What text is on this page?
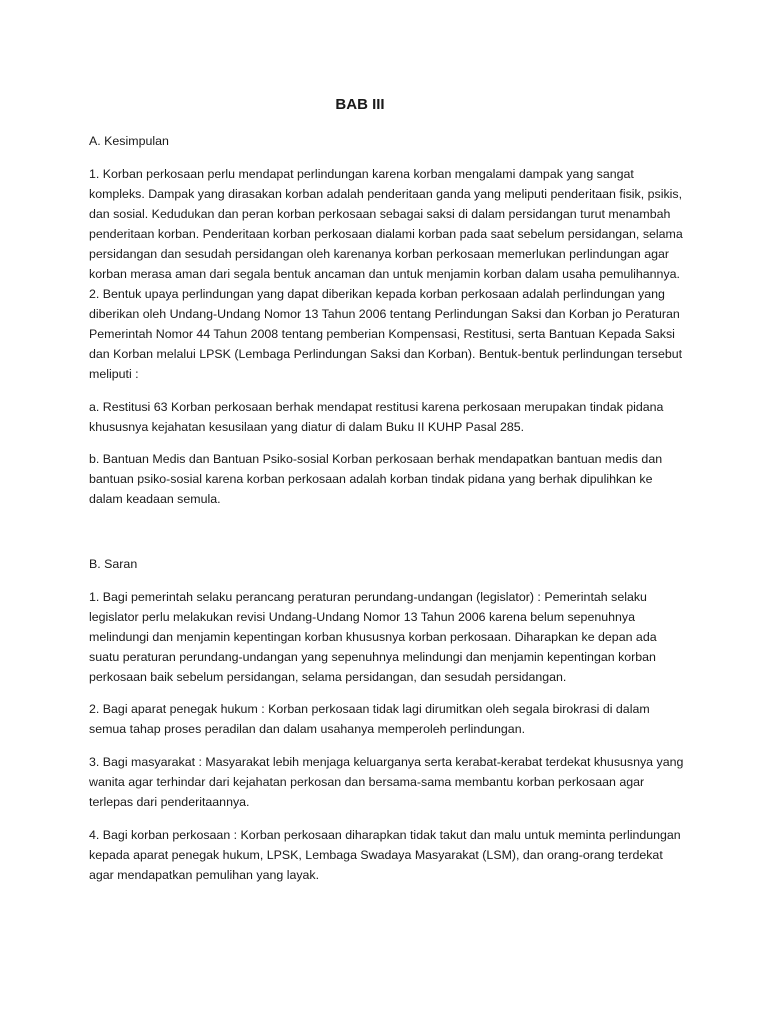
BAB III

A. Kesimpulan

1. Korban perkosaan perlu mendapat perlindungan karena korban mengalami dampak yang sangat kompleks. Dampak yang dirasakan korban adalah penderitaan ganda yang meliputi penderitaan fisik, psikis, dan sosial. Kedudukan dan peran korban perkosaan sebagai saksi di dalam persidangan turut menambah penderitaan korban. Penderitaan korban perkosaan dialami korban pada saat sebelum persidangan, selama persidangan dan sesudah persidangan oleh karenanya korban perkosaan memerlukan perlindungan agar korban merasa aman dari segala bentuk ancaman dan untuk menjamin korban dalam usaha pemulihannya. 2. Bentuk upaya perlindungan yang dapat diberikan kepada korban perkosaan adalah perlindungan yang diberikan oleh Undang-Undang Nomor 13 Tahun 2006 tentang Perlindungan Saksi dan Korban jo Peraturan Pemerintah Nomor 44 Tahun 2008 tentang pemberian Kompensasi, Restitusi, serta Bantuan Kepada Saksi dan Korban melalui LPSK (Lembaga Perlindungan Saksi dan Korban). Bentuk-bentuk perlindungan tersebut meliputi :

a. Restitusi 63 Korban perkosaan berhak mendapat restitusi karena perkosaan merupakan tindak pidana khususnya kejahatan kesusilaan yang diatur di dalam Buku II KUHP Pasal 285.

b. Bantuan Medis dan Bantuan Psiko-sosial Korban perkosaan berhak mendapatkan bantuan medis dan bantuan psiko-sosial karena korban perkosaan adalah korban tindak pidana yang berhak dipulihkan ke dalam keadaan semula.

B. Saran

1. Bagi pemerintah selaku perancang peraturan perundang-undangan (legislator) : Pemerintah selaku legislator perlu melakukan revisi Undang-Undang Nomor 13 Tahun 2006 karena belum sepenuhnya melindungi dan menjamin kepentingan korban khususnya korban perkosaan. Diharapkan ke depan ada suatu peraturan perundang-undangan yang sepenuhnya melindungi dan menjamin kepentingan korban perkosaan baik sebelum persidangan, selama persidangan, dan sesudah persidangan.

2. Bagi aparat penegak hukum : Korban perkosaan tidak lagi dirumitkan oleh segala birokrasi di dalam semua tahap proses peradilan dan dalam usahanya memperoleh perlindungan.

3. Bagi masyarakat : Masyarakat lebih menjaga keluarganya serta kerabat-kerabat terdekat khususnya yang wanita agar terhindar dari kejahatan perkosan dan bersama-sama membantu korban perkosaan agar terlepas dari penderitaannya.

4. Bagi korban perkosaan : Korban perkosaan diharapkan tidak takut dan malu untuk meminta perlindungan kepada aparat penegak hukum, LPSK, Lembaga Swadaya Masyarakat (LSM), dan orang-orang terdekat agar mendapatkan pemulihan yang layak.
